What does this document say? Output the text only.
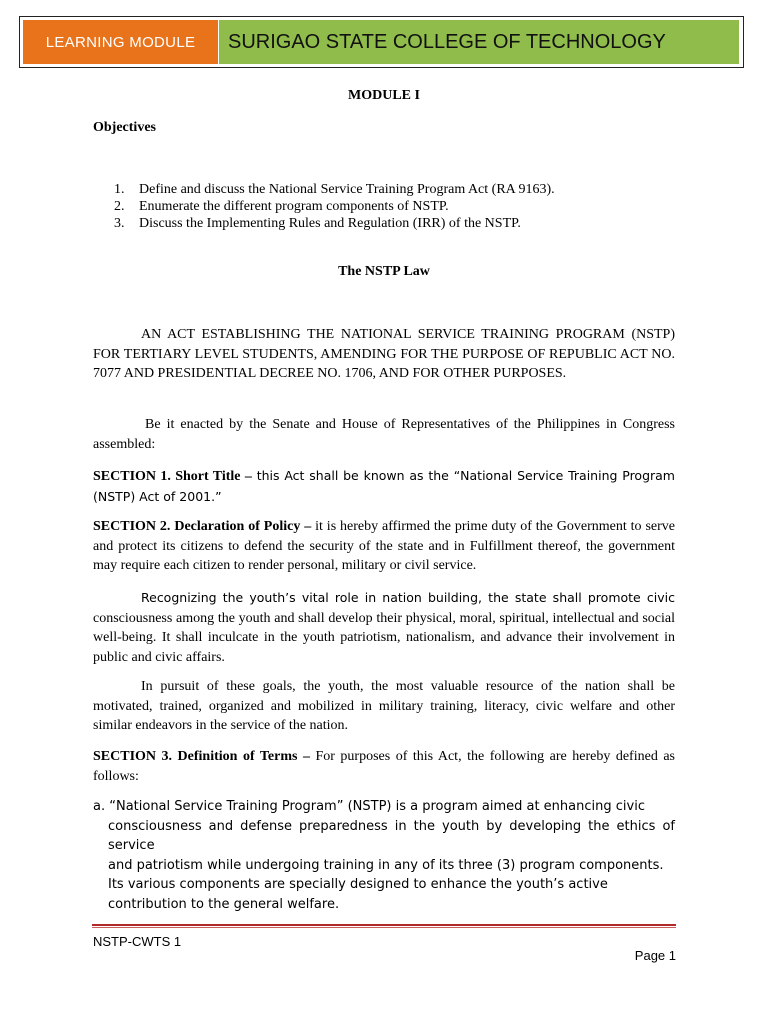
LEARNING MODULE	SURIGAO STATE COLLEGE OF TECHNOLOGY
MODULE I
Objectives
1.	Define and discuss the National Service Training Program Act (RA 9163).
2.	Enumerate the different program components of NSTP.
3.	Discuss the Implementing Rules and Regulation (IRR) of the NSTP.
The NSTP Law
AN ACT ESTABLISHING THE NATIONAL SERVICE TRAINING PROGRAM (NSTP) FOR TERTIARY LEVEL STUDENTS, AMENDING FOR THE PURPOSE OF REPUBLIC ACT NO. 7077 AND PRESIDENTIAL DECREE NO. 1706, AND FOR OTHER PURPOSES.
Be it enacted by the Senate and House of Representatives of the Philippines in Congress assembled:
SECTION 1. Short Title – this Act shall be known as the “National Service Training Program (NSTP) Act of 2001.”
SECTION 2. Declaration of Policy – it is hereby affirmed the prime duty of the Government to serve and protect its citizens to defend the security of the state and in Fulfillment thereof, the government may require each citizen to render personal, military or civil service.
Recognizing the youth’s vital role in nation building, the state shall promote civic consciousness among the youth and shall develop their physical, moral, spiritual, intellectual and social well-being. It shall inculcate in the youth patriotism, nationalism, and advance their involvement in public and civic affairs.
In pursuit of these goals, the youth, the most valuable resource of the nation shall be motivated, trained, organized and mobilized in military training, literacy, civic welfare and other similar endeavors in the service of the nation.
SECTION 3. Definition of Terms – For purposes of this Act, the following are hereby defined as follows:
a. “National Service Training Program” (NSTP) is a program aimed at enhancing civic
consciousness and defense preparedness in the youth by developing the ethics of service
and patriotism while undergoing training in any of its three (3) program components.
Its various components are specially designed to enhance the youth’s active
contribution to the general welfare.
NSTP-CWTS 1
Page 1
